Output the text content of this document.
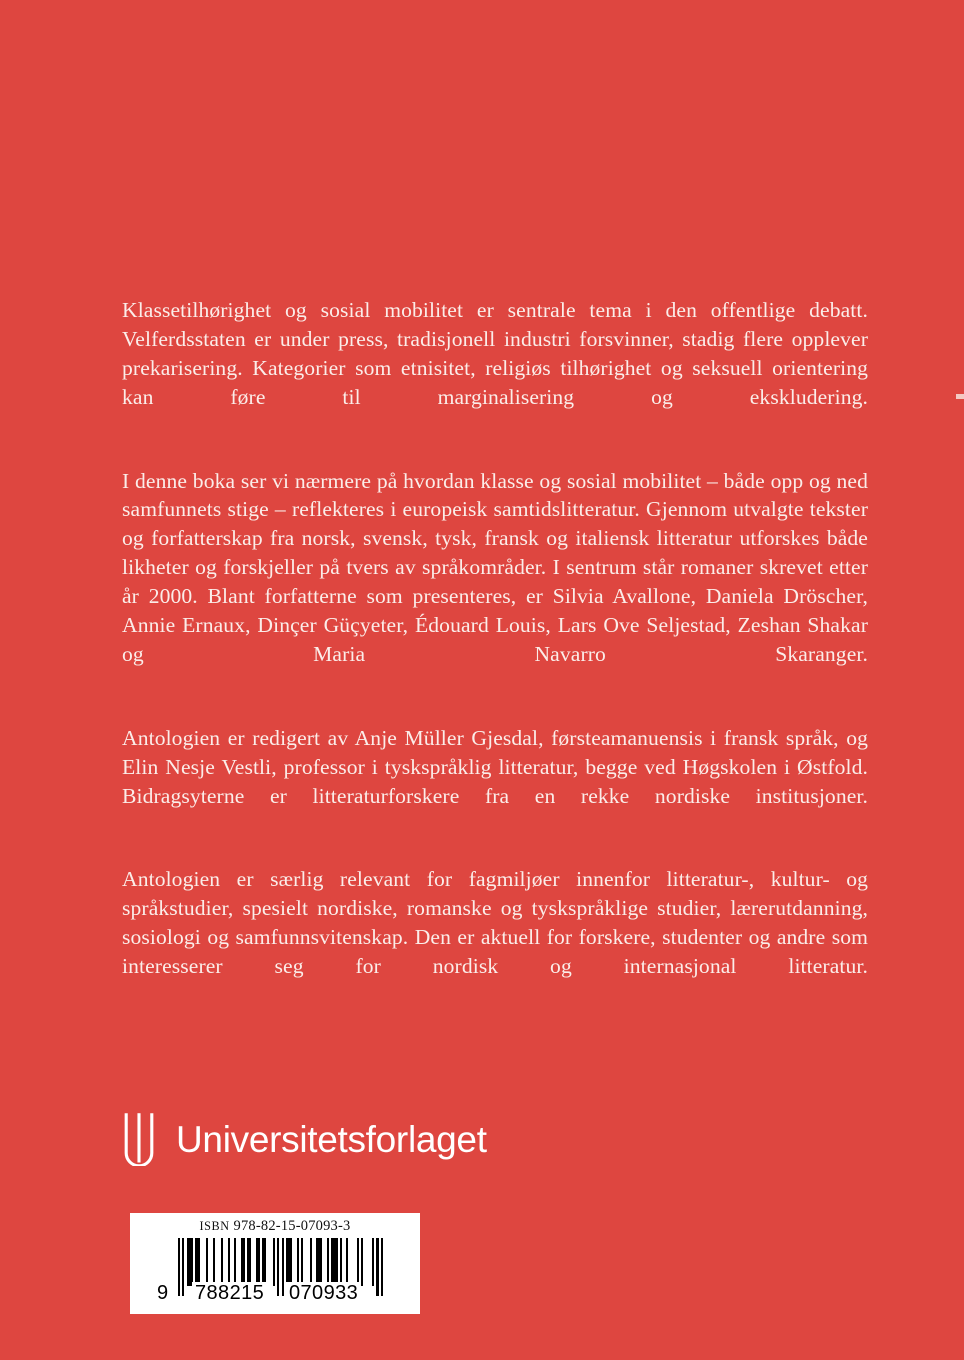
Klassetilhørighet og sosial mobilitet er sentrale tema i den offentlige debatt. Velferdsstaten er under press, tradisjonell industri forsvinner, stadig flere opplever prekarisering. Kategorier som etnisitet, religiøs tilhørighet og seksuell orientering kan føre til marginalisering og ekskludering.

I denne boka ser vi nærmere på hvordan klasse og sosial mobilitet – både opp og ned samfunnets stige – reflekteres i europeisk samtidslitteratur. Gjennom utvalgte tekster og forfatterskap fra norsk, svensk, tysk, fransk og italiensk litteratur utforskes både likheter og forskjeller på tvers av språkområder. I sentrum står romaner skrevet etter år 2000. Blant forfatterne som presenteres, er Silvia Avallone, Daniela Dröscher, Annie Ernaux, Dinçer Güçyeter, Édouard Louis, Lars Ove Seljestad, Zeshan Shakar og Maria Navarro Skaranger.

Antologien er redigert av Anje Müller Gjesdal, førsteamanuensis i fransk språk, og Elin Nesje Vestli, professor i tyskspråklig litteratur, begge ved Høgskolen i Østfold. Bidragsyterne er litteraturforskere fra en rekke nordiske institusjoner.

Antologien er særlig relevant for fagmiljøer innenfor litteratur-, kultur- og språkstudier, spesielt nordiske, romanske og tyskspråklige studier, lærerutdanning, sosiologi og samfunnsvitenskap. Den er aktuell for forskere, studenter og andre som interesserer seg for nordisk og internasjonal litteratur.

Universitetsforlaget
ISBN 978-82-15-07093-3
9 788215 070933
